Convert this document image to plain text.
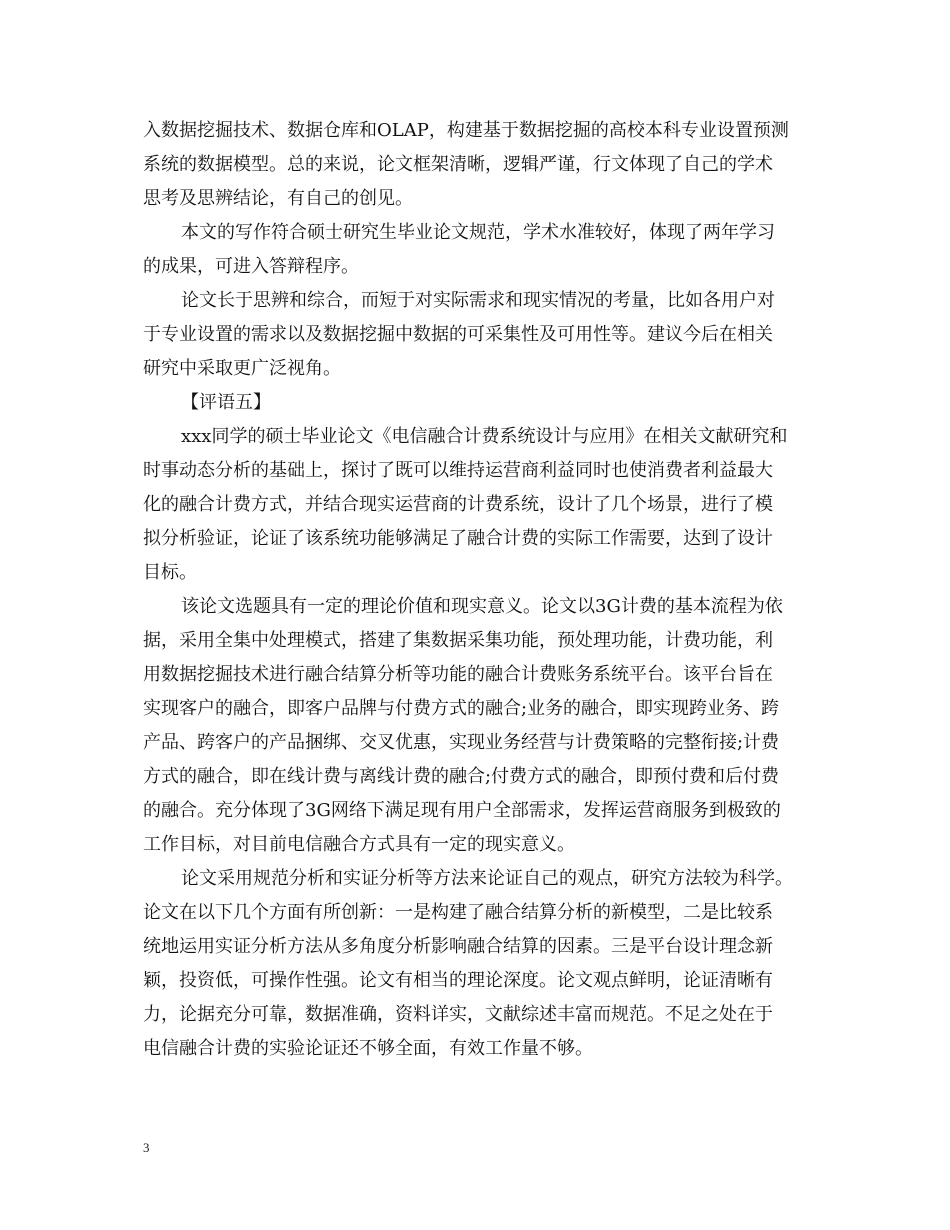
入数据挖掘技术、数据仓库和OLAP，构建基于数据挖掘的高校本科专业设置预测
系统的数据模型。总的来说，论文框架清晰，逻辑严谨，行文体现了自己的学术
思考及思辨结论，有自己的创见。
本文的写作符合硕士研究生毕业论文规范，学术水准较好，体现了两年学习
的成果，可进入答辩程序。
论文长于思辨和综合，而短于对实际需求和现实情况的考量，比如各用户对
于专业设置的需求以及数据挖掘中数据的可采集性及可用性等。建议今后在相关
研究中采取更广泛视角。
【评语五】
xxx同学的硕士毕业论文《电信融合计费系统设计与应用》在相关文献研究和
时事动态分析的基础上，探讨了既可以维持运营商利益同时也使消费者利益最大
化的融合计费方式，并结合现实运营商的计费系统，设计了几个场景，进行了模
拟分析验证，论证了该系统功能够满足了融合计费的实际工作需要，达到了设计
目标。
该论文选题具有一定的理论价值和现实意义。论文以3G计费的基本流程为依
据，采用全集中处理模式，搭建了集数据采集功能，预处理功能，计费功能，利
用数据挖掘技术进行融合结算分析等功能的融合计费账务系统平台。该平台旨在
实现客户的融合，即客户品牌与付费方式的融合;业务的融合，即实现跨业务、跨
产品、跨客户的产品捆绑、交叉优惠，实现业务经营与计费策略的完整衔接;计费
方式的融合，即在线计费与离线计费的融合;付费方式的融合，即预付费和后付费
的融合。充分体现了3G网络下满足现有用户全部需求，发挥运营商服务到极致的
工作目标，对目前电信融合方式具有一定的现实意义。
论文采用规范分析和实证分析等方法来论证自己的观点，研究方法较为科学。
论文在以下几个方面有所创新：一是构建了融合结算分析的新模型，二是比较系
统地运用实证分析方法从多角度分析影响融合结算的因素。三是平台设计理念新
颖，投资低，可操作性强。论文有相当的理论深度。论文观点鲜明，论证清晰有
力，论据充分可靠，数据准确，资料详实，文献综述丰富而规范。不足之处在于
电信融合计费的实验论证还不够全面，有效工作量不够。
3
